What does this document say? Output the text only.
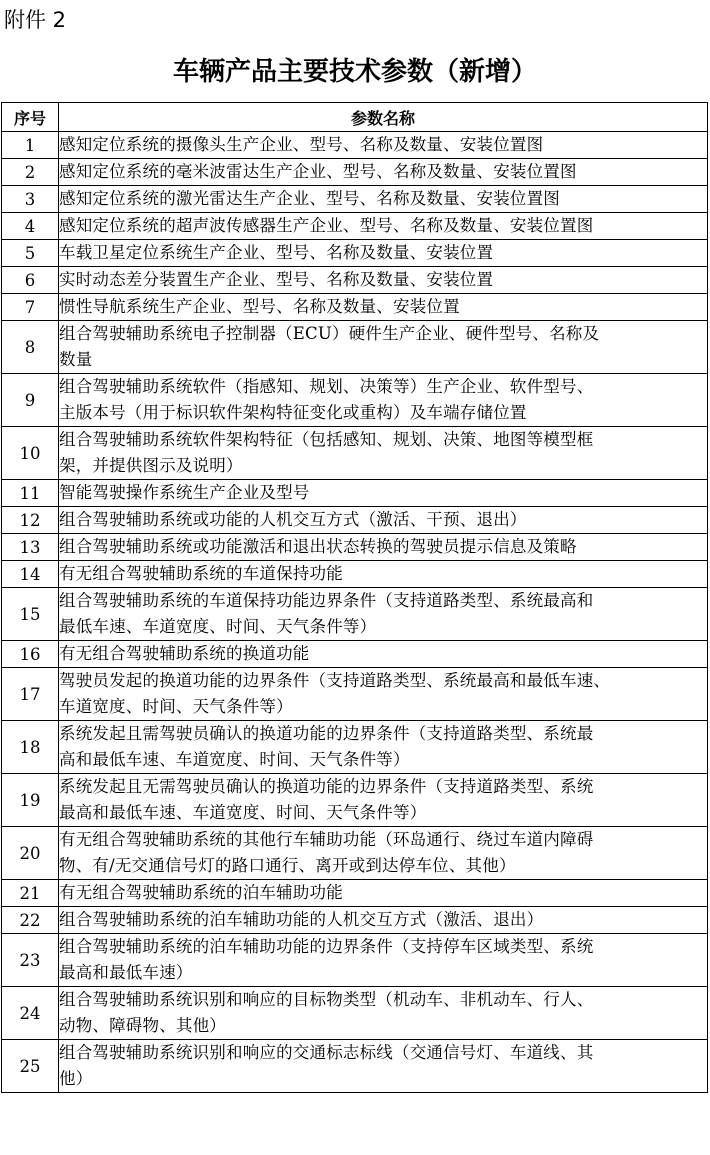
附件 2
车辆产品主要技术参数（新增）
序号	参数名称
1	感知定位系统的摄像头生产企业、型号、名称及数量、安装位置图

2	感知定位系统的毫米波雷达生产企业、型号、名称及数量、安装位置图

3	感知定位系统的激光雷达生产企业、型号、名称及数量、安装位置图

4	感知定位系统的超声波传感器生产企业、型号、名称及数量、安装位置图

5	车载卫星定位系统生产企业、型号、名称及数量、安装位置

6	实时动态差分装置生产企业、型号、名称及数量、安装位置

7	惯性导航系统生产企业、型号、名称及数量、安装位置

8	组合驾驶辅助系统电子控制器（ECU）硬件生产企业、硬件型号、名称及
数量

9	组合驾驶辅助系统软件（指感知、规划、决策等）生产企业、软件型号、
主版本号（用于标识软件架构特征变化或重构）及车端存储位置

10	组合驾驶辅助系统软件架构特征（包括感知、规划、决策、地图等模型框
架，并提供图示及说明）

11	智能驾驶操作系统生产企业及型号

12	组合驾驶辅助系统或功能的人机交互方式（激活、干预、退出）

13	组合驾驶辅助系统或功能激活和退出状态转换的驾驶员提示信息及策略

14	有无组合驾驶辅助系统的车道保持功能

15	组合驾驶辅助系统的车道保持功能边界条件（支持道路类型、系统最高和
最低车速、车道宽度、时间、天气条件等）

16	有无组合驾驶辅助系统的换道功能

17	驾驶员发起的换道功能的边界条件（支持道路类型、系统最高和最低车速、
车道宽度、时间、天气条件等）

18	系统发起且需驾驶员确认的换道功能的边界条件（支持道路类型、系统最
高和最低车速、车道宽度、时间、天气条件等）

19	系统发起且无需驾驶员确认的换道功能的边界条件（支持道路类型、系统
最高和最低车速、车道宽度、时间、天气条件等）

20	有无组合驾驶辅助系统的其他行车辅助功能（环岛通行、绕过车道内障碍
物、有/无交通信号灯的路口通行、离开或到达停车位、其他）

21	有无组合驾驶辅助系统的泊车辅助功能

22	组合驾驶辅助系统的泊车辅助功能的人机交互方式（激活、退出）

23	组合驾驶辅助系统的泊车辅助功能的边界条件（支持停车区域类型、系统
最高和最低车速）

24	组合驾驶辅助系统识别和响应的目标物类型（机动车、非机动车、行人、
动物、障碍物、其他）

25	组合驾驶辅助系统识别和响应的交通标志标线（交通信号灯、车道线、其
他）
